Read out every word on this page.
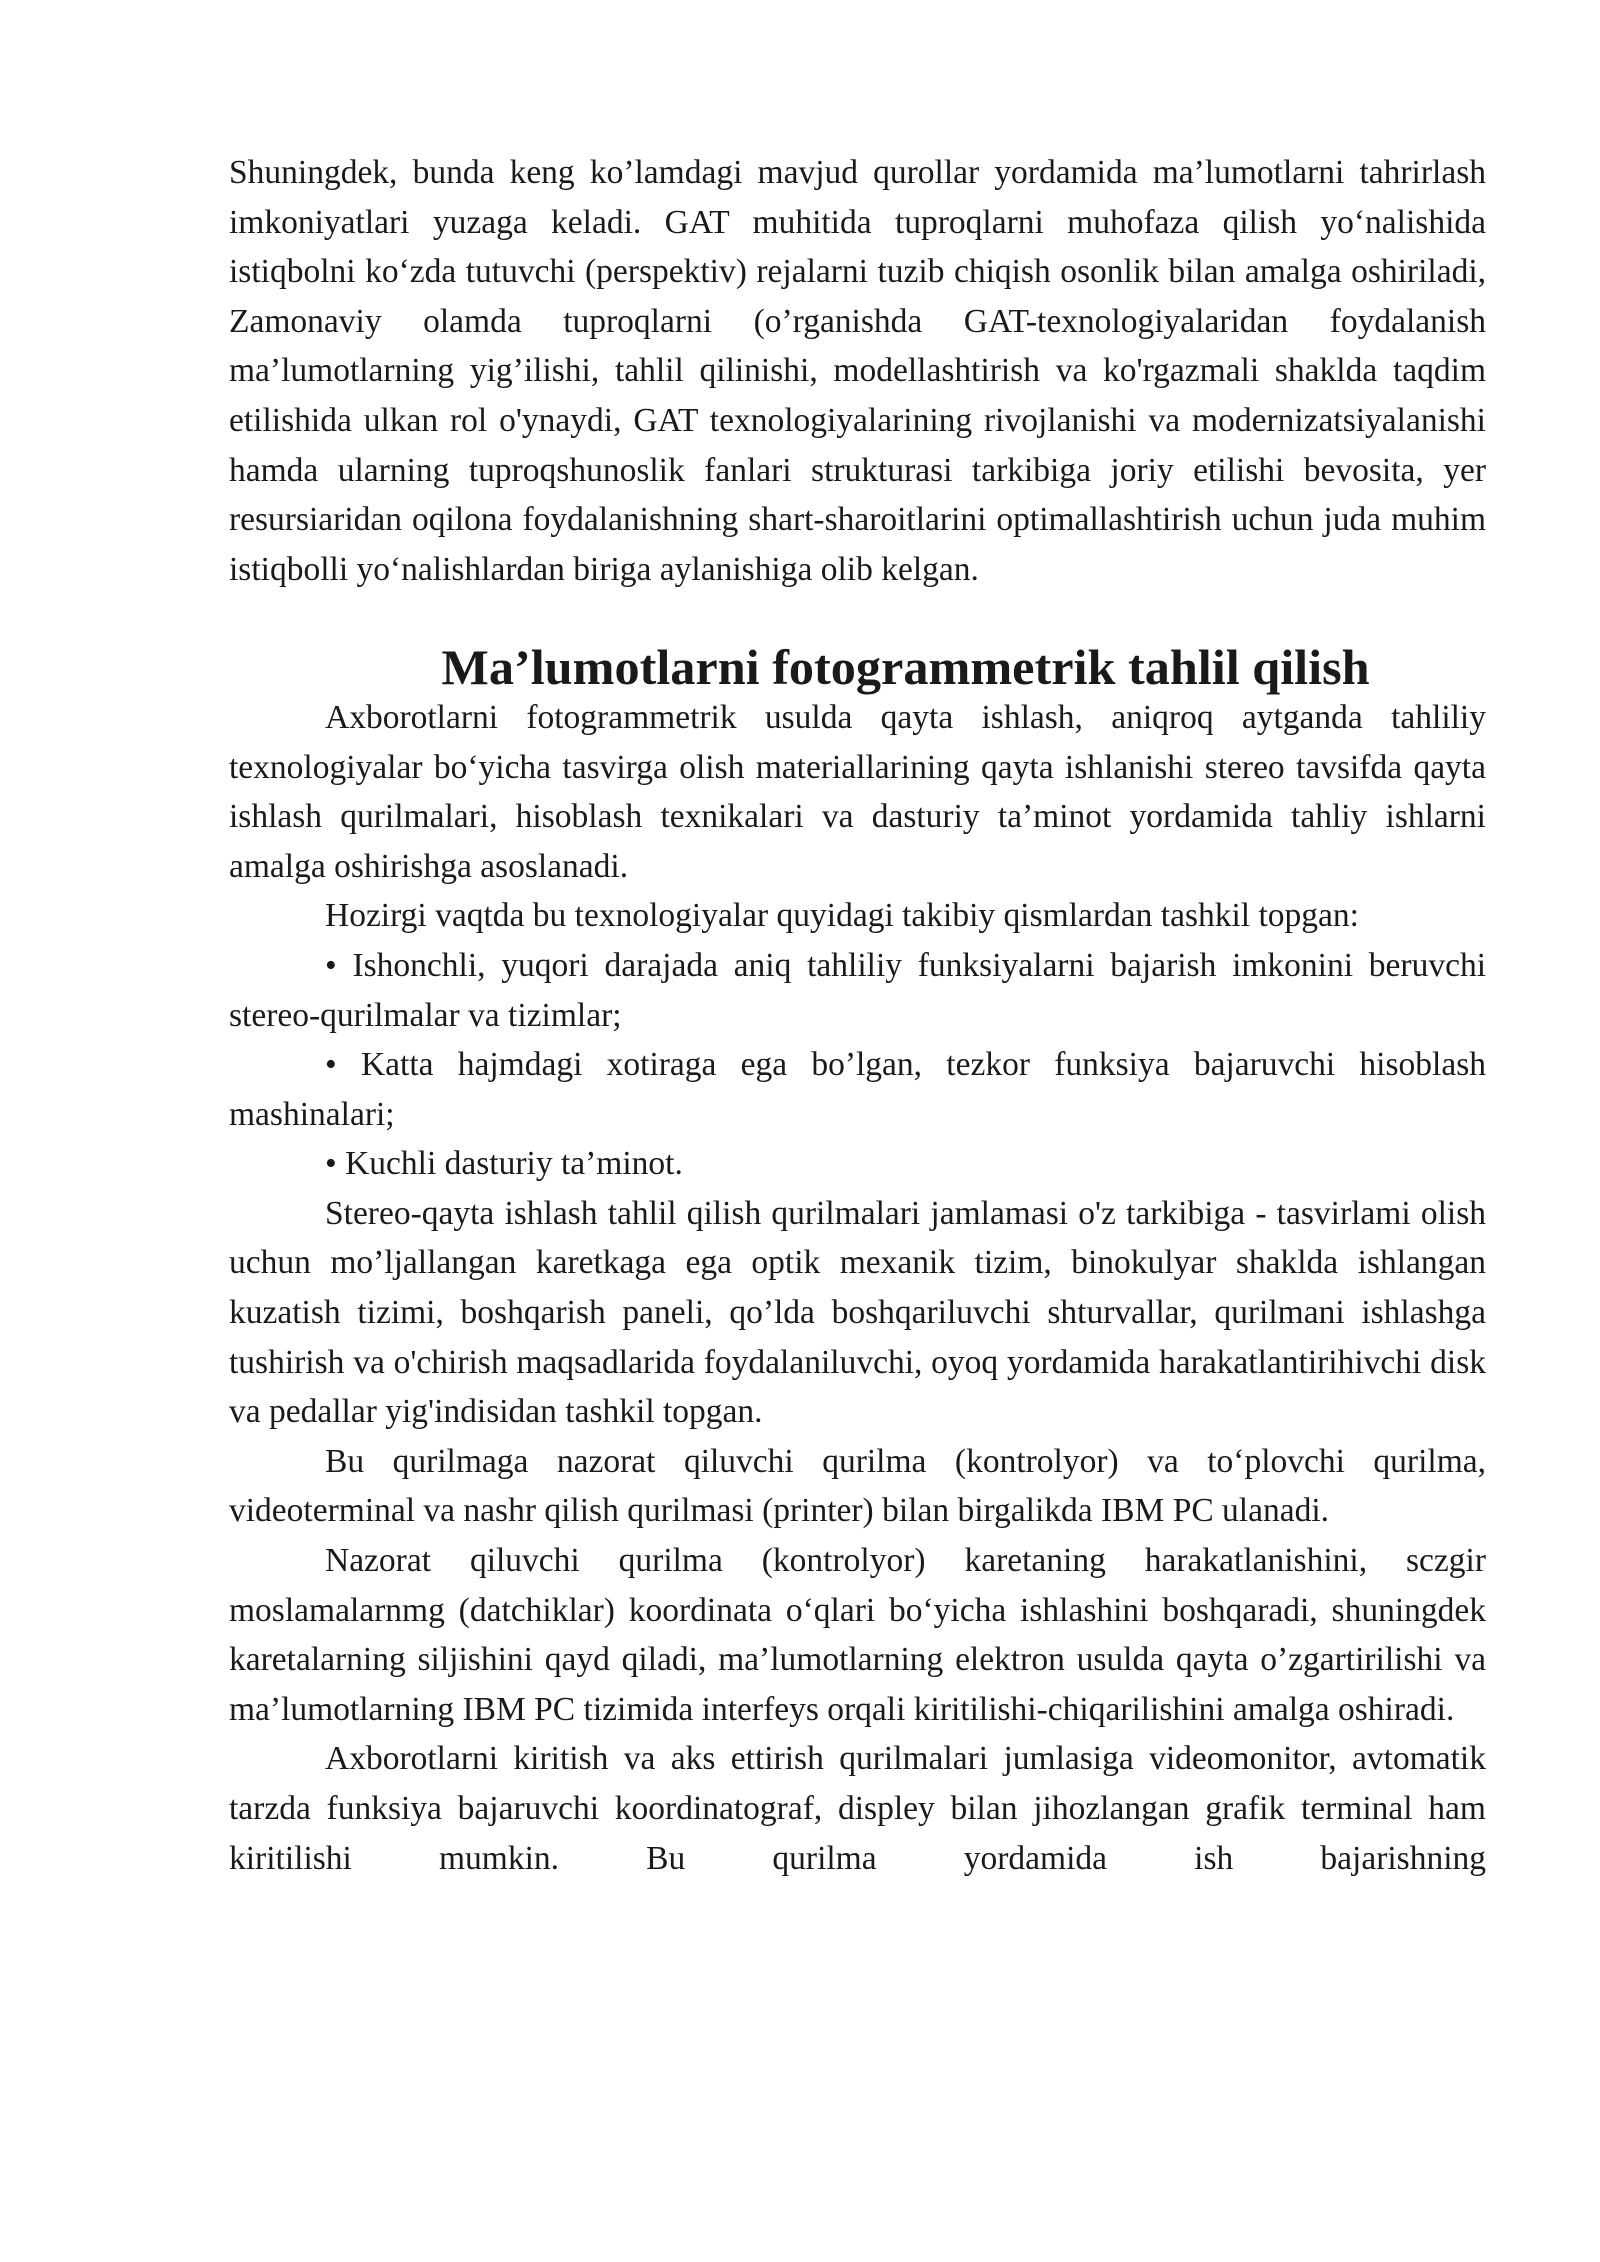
Shuningdek, bunda keng ko’lamdagi mavjud qurollar yordamida ma’lumotlarni tahrirlash imkoniyatlari yuzaga keladi. GAT muhitida tuproqlarni muhofaza qilish yo‘nalishida istiqbolni ko‘zda tutuvchi (perspektiv) rejalarni tuzib chiqish osonlik bilan amalga oshiriladi, Zamonaviy olamda tuproqlarni (o’rganishda GAT-texnologiyalaridan foydalanish ma’lumotlarning yig’ilishi, tahlil qilinishi, modellashtirish va ko'rgazmali shaklda taqdim etilishida ulkan rol o'ynaydi, GAT texnologiyalarining rivojlanishi va modernizatsiyalanishi hamda ularning tuproqshunoslik fanlari strukturasi tarkibiga joriy etilishi bevosita, yer resursiaridan oqilona foydalanishning shart-sharoitlarini optimallashtirish uchun juda muhim istiqbolli yo‘nalishlardan biriga aylanishiga olib kelgan.

Ma’lumotlarni fotogrammetrik tahlil qilish

Axborotlarni fotogrammetrik usulda qayta ishlash, aniqroq aytganda tahliliy texnologiyalar bo‘yicha tasvirga olish materiallarining qayta ishlanishi stereo tavsifda qayta ishlash qurilmalari, hisoblash texnikalari va dasturiy ta’minot yordamida tahliy ishlarni amalga oshirishga asoslanadi.

Hozirgi vaqtda bu texnologiyalar quyidagi takibiy qismlardan tashkil topgan:

• Ishonchli, yuqori darajada aniq tahliliy funksiyalarni bajarish imkonini beruvchi stereo-qurilmalar va tizimlar;

• Katta hajmdagi xotiraga ega bo’lgan, tezkor funksiya bajaruvchi hisoblash mashinalari;

• Kuchli dasturiy ta’minot.

Stereo-qayta ishlash tahlil qilish qurilmalari jamlamasi o'z tarkibiga - tasvirlami olish uchun mo’ljallangan karetkaga ega optik mexanik tizim, binokulyar shaklda ishlangan kuzatish tizimi, boshqarish paneli, qo’lda boshqariluvchi shturvallar, qurilmani ishlashga tushirish va o'chirish maqsadlarida foydalaniluvchi, oyoq yordamida harakatlantirihivchi disk va pedallar yig'indisidan tashkil topgan.

Bu qurilmaga nazorat qiluvchi qurilma (kontrolyor) va to‘plovchi qurilma, videoterminal va nashr qilish qurilmasi (printer) bilan birgalikda IBM PC ulanadi.

Nazorat qiluvchi qurilma (kontrolyor) karetaning harakatlanishini, sczgir moslamalarnmg (datchiklar) koordinata o‘qlari bo‘yicha ishlashini boshqaradi, shuningdek karetalarning siljishini qayd qiladi, ma’lumotlarning elektron usulda qayta o’zgartirilishi va ma’lumotlarning IBM PC tizimida interfeys orqali kiritilishi-chiqarilishini amalga oshiradi.

Axborotlarni kiritish va aks ettirish qurilmalari jumlasiga videomonitor, avtomatik tarzda funksiya bajaruvchi koordinatograf, displey bilan jihozlangan grafik terminal ham kiritilishi mumkin. Bu qurilma yordamida ish bajarishning
